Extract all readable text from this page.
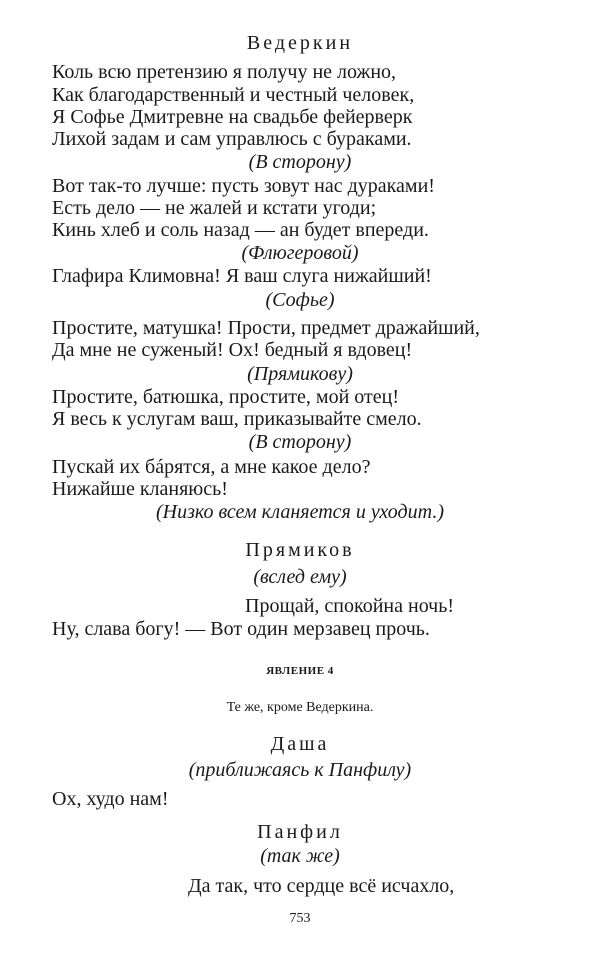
Ведеркин
Коль всю претензию я получу не ложно,
Как благодарственный и честный человек,
Я Софье Дмитревне на свадьбе фейерверк
Лихой задам и сам управлюсь с бураками.
(В сторону)
Вот так-то лучше: пусть зовут нас дураками!
Есть дело — не жалей и кстати угоди;
Кинь хлеб и соль назад — ан будет впереди.
(Флюгеровой)
Глафира Климовна! Я ваш слуга нижайший!
(Софье)
Простите, матушка! Прости, предмет дражайший,
Да мне не суженый! Ох! бедный я вдовец!
(Прямикову)
Простите, батюшка, простите, мой отец!
Я весь к услугам ваш, приказывайте смело.
(В сторону)
Пускай их бáрятся, а мне какое дело?
Нижайше кланяюсь!
(Низко всем кланяется и уходит.)
Прямиков
(вслед ему)
Прощай, спокойна ночь!
Ну, слава богу! — Вот один мерзавец прочь.
ЯВЛЕНИЕ 4
Те же, кроме Ведеркина.
Даша
(приближаясь к Панфилу)
Ох, худо нам!
Панфил
(так же)
Да так, что сердце всё исчахло,
753
